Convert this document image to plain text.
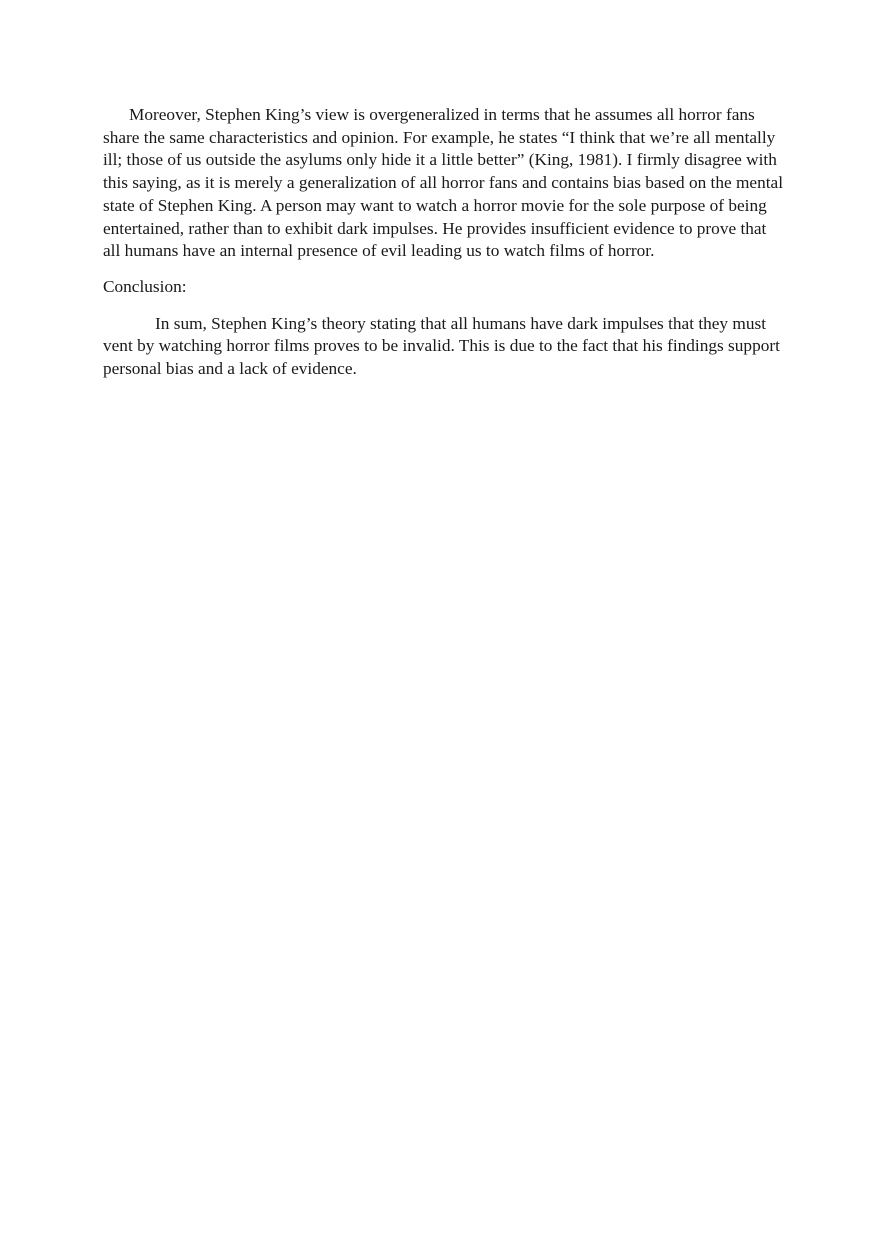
Moreover, Stephen King’s view is overgeneralized in terms that he assumes all horror fans share the same characteristics and opinion. For example, he states “I think that we’re all mentally ill; those of us outside the asylums only hide it a little better” (King, 1981). I firmly disagree with this saying, as it is merely a generalization of all horror fans and contains bias based on the mental state of Stephen King. A person may want to watch a horror movie for the sole purpose of being entertained, rather than to exhibit dark impulses. He provides insufficient evidence to prove that all humans have an internal presence of evil leading us to watch films of horror.

Conclusion:

In sum, Stephen King’s theory stating that all humans have dark impulses that they must vent by watching horror films proves to be invalid. This is due to the fact that his findings support personal bias and a lack of evidence.
